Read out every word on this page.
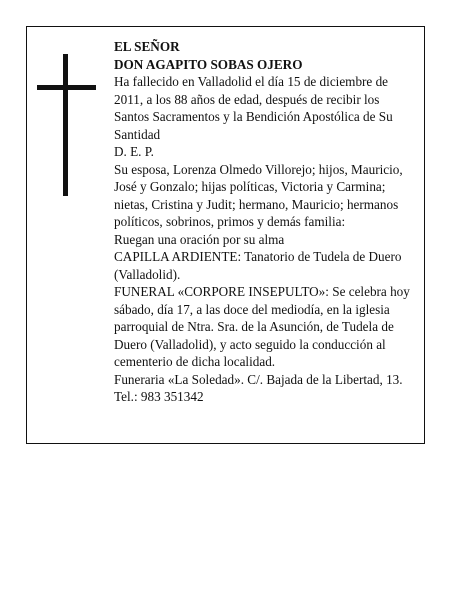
EL SEÑOR
DON AGAPITO SOBAS OJERO
Ha fallecido en Valladolid el día 15 de diciembre de
2011, a los 88 años de edad, después de recibir los
Santos Sacramentos y la Bendición Apostólica de Su
Santidad
D. E. P.
Su esposa, Lorenza Olmedo Villorejo; hijos, Mauricio,
José y Gonzalo; hijas políticas, Victoria y Carmina;
nietas, Cristina y Judit; hermano, Mauricio; hermanos
políticos, sobrinos, primos y demás familia:
Ruegan una oración por su alma
CAPILLA ARDIENTE: Tanatorio de Tudela de Duero
(Valladolid).
FUNERAL «CORPORE INSEPULTO»: Se celebra hoy
sábado, día 17, a las doce del mediodía, en la iglesia
parroquial de Ntra. Sra. de la Asunción, de Tudela de
Duero (Valladolid), y acto seguido la conducción al
cementerio de dicha localidad.
Funeraria «La Soledad». C/. Bajada de la Libertad, 13.
Tel.: 983 351342
